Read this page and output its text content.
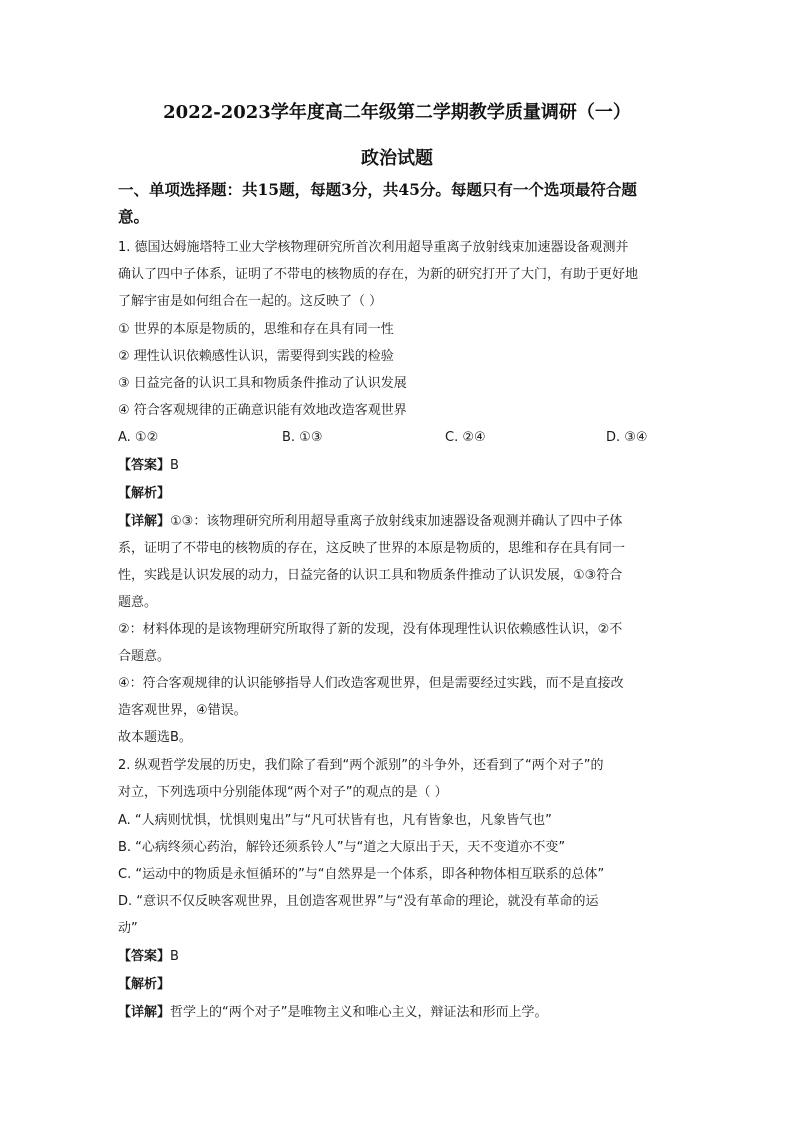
2022-2023学年度高二年级第二学期教学质量调研（一）
政治试题
一、单项选择题：共15题，每题3分，共45分。每题只有一个选项最符合题
意。
1. 德国达姆施塔特工业大学核物理研究所首次利用超导重离子放射线束加速器设备观测并
确认了四中子体系，证明了不带电的核物质的存在，为新的研究打开了大门，有助于更好地
了解宇宙是如何组合在一起的。这反映了（ ）
① 世界的本原是物质的，思维和存在具有同一性
② 理性认识依赖感性认识，需要得到实践的检验
③ 日益完备的认识工具和物质条件推动了认识发展
④ 符合客观规律的正确意识能有效地改造客观世界
A. ①②	B. ①③	C. ②④	D. ③④
【答案】B
【解析】
【详解】①③：该物理研究所利用超导重离子放射线束加速器设备观测并确认了四中子体
系，证明了不带电的核物质的存在，这反映了世界的本原是物质的，思维和存在具有同一
性，实践是认识发展的动力，日益完备的认识工具和物质条件推动了认识发展，①③符合
题意。
②：材料体现的是该物理研究所取得了新的发现，没有体现理性认识依赖感性认识，②不
合题意。
④：符合客观规律的认识能够指导人们改造客观世界，但是需要经过实践，而不是直接改
造客观世界，④错误。
故本题选B。
2. 纵观哲学发展的历史，我们除了看到“两个派别”的斗争外，还看到了“两个对子”的
对立，下列选项中分别能体现“两个对子”的观点的是（ ）
A. “人病则忧惧，忧惧则鬼出”与“凡可状皆有也，凡有皆象也，凡象皆气也”
B. “心病终须心药治，解铃还须系铃人”与“道之大原出于天，天不变道亦不变”
C. “运动中的物质是永恒循环的”与“自然界是一个体系，即各种物体相互联系的总体”
D. “意识不仅反映客观世界，且创造客观世界”与“没有革命的理论，就没有革命的运
动”
【答案】B
【解析】
【详解】哲学上的“两个对子”是唯物主义和唯心主义，辩证法和形而上学。
